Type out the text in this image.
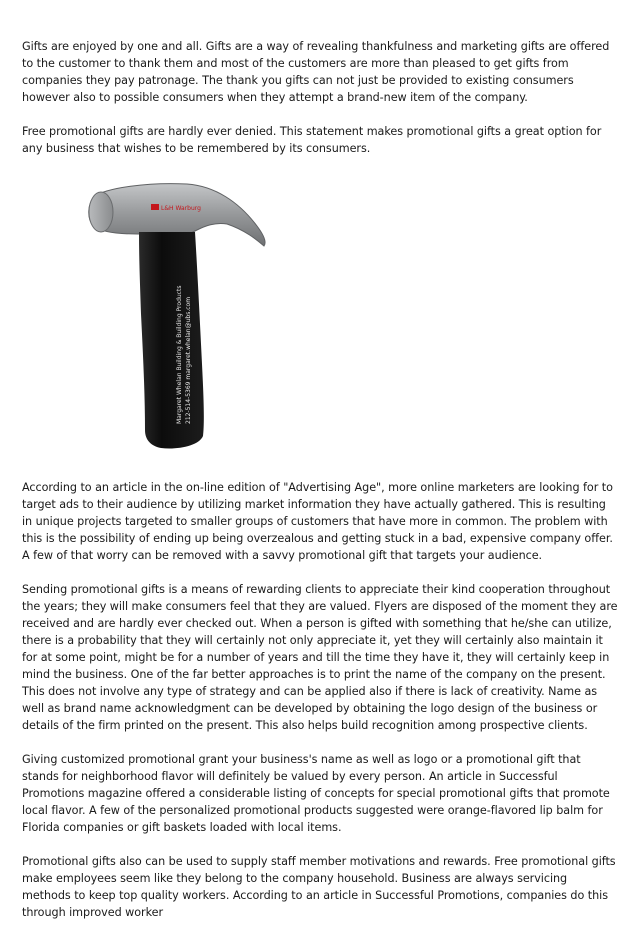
Gifts are enjoyed by one and all. Gifts are a way of revealing thankfulness and marketing gifts are offered to the customer to thank them and most of the customers are more than pleased to get gifts from companies they pay patronage. The thank you gifts can not just be provided to existing consumers however also to possible consumers when they attempt a brand-new item of the company.

Free promotional gifts are hardly ever denied. This statement makes promotional gifts a great option for any business that wishes to be remembered by its consumers.

L&H Warburg
Margaret Whelan Building & Building Products 212-514-5369 margaret.whelan@ubs.com

According to an article in the on-line edition of "Advertising Age", more online marketers are looking for to target ads to their audience by utilizing market information they have actually gathered. This is resulting in unique projects targeted to smaller groups of customers that have more in common. The problem with this is the possibility of ending up being overzealous and getting stuck in a bad, expensive company offer. A few of that worry can be removed with a savvy promotional gift that targets your audience.

Sending promotional gifts is a means of rewarding clients to appreciate their kind cooperation throughout the years; they will make consumers feel that they are valued. Flyers are disposed of the moment they are received and are hardly ever checked out. When a person is gifted with something that he/she can utilize, there is a probability that they will certainly not only appreciate it, yet they will certainly also maintain it for at some point, might be for a number of years and till the time they have it, they will certainly keep in mind the business. One of the far better approaches is to print the name of the company on the present. This does not involve any type of strategy and can be applied also if there is lack of creativity. Name as well as brand name acknowledgment can be developed by obtaining the logo design of the business or details of the firm printed on the present. This also helps build recognition among prospective clients.

Giving customized promotional grant your business's name as well as logo or a promotional gift that stands for neighborhood flavor will definitely be valued by every person. An article in Successful Promotions magazine offered a considerable listing of concepts for special promotional gifts that promote local flavor. A few of the personalized promotional products suggested were orange-flavored lip balm for Florida companies or gift baskets loaded with local items.

Promotional gifts also can be used to supply staff member motivations and rewards. Free promotional gifts make employees seem like they belong to the company household. Business are always servicing methods to keep top quality workers. According to an article in Successful Promotions, companies do this through improved worker
